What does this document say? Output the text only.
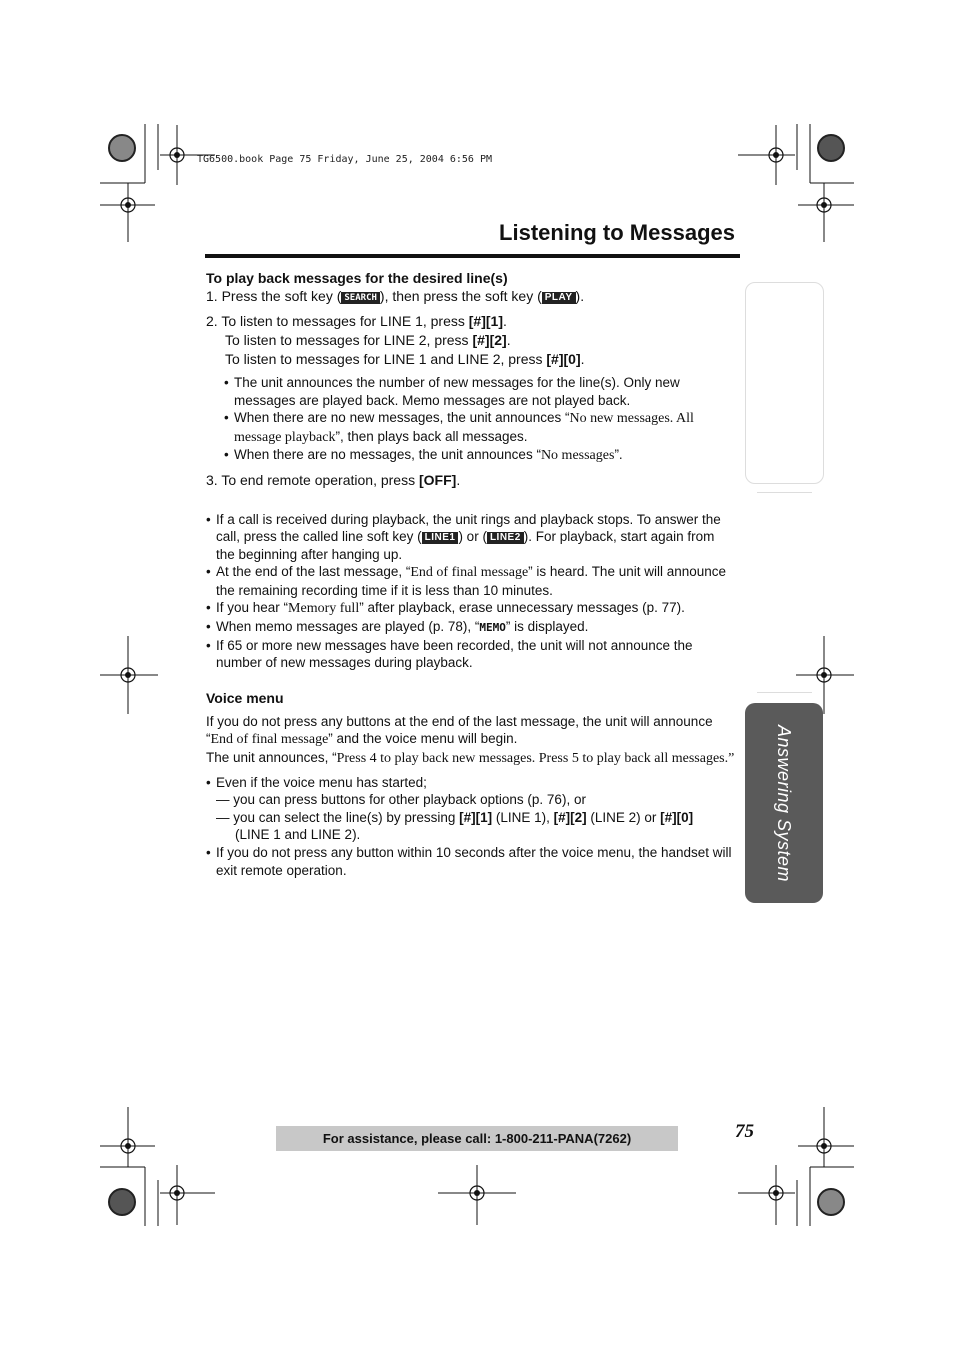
TG6500.book Page 75 Friday, June 25, 2004 6:56 PM
Listening to Messages

To play back messages for the desired line(s)

1. Press the soft key ( SEARCH ), then press the soft key ( PLAY ).

2. To listen to messages for LINE 1, press [#][1].

To listen to messages for LINE 2, press [#][2].

To listen to messages for LINE 1 and LINE 2, press [#][0].

• The unit announces the number of new messages for the line(s). Only new messages are played back. Memo messages are not played back.
• When there are no new messages, the unit announces “No new messages. All message playback”, then plays back all messages.
• When there are no messages, the unit announces “No messages”.

3. To end remote operation, press [OFF].

• If a call is received during playback, the unit rings and playback stops. To answer the call, press the called line soft key ( LINE1 ) or ( LINE2 ). For playback, start again from the beginning after hanging up.
• At the end of the last message, “End of final message” is heard. The unit will announce the remaining recording time if it is less than 10 minutes.
• If you hear “Memory full” after playback, erase unnecessary messages (p. 77).
• When memo messages are played (p. 78), “MEMO” is displayed.
• If 65 or more new messages have been recorded, the unit will not announce the number of new messages during playback.

Voice menu

If you do not press any buttons at the end of the last message, the unit will announce “End of final message” and the voice menu will begin.

The unit announces, “Press 4 to play back new messages. Press 5 to play back all messages.”

• Even if the voice menu has started;
— you can press buttons for other playback options (p. 76), or
— you can select the line(s) by pressing [#][1] (LINE 1), [#][2] (LINE 2) or [#][0]
(LINE 1 and LINE 2).
• If you do not press any button within 10 seconds after the voice menu, the handset will exit remote operation.	Answering System
For assistance, please call: 1-800-211-PANA(7262)	75
